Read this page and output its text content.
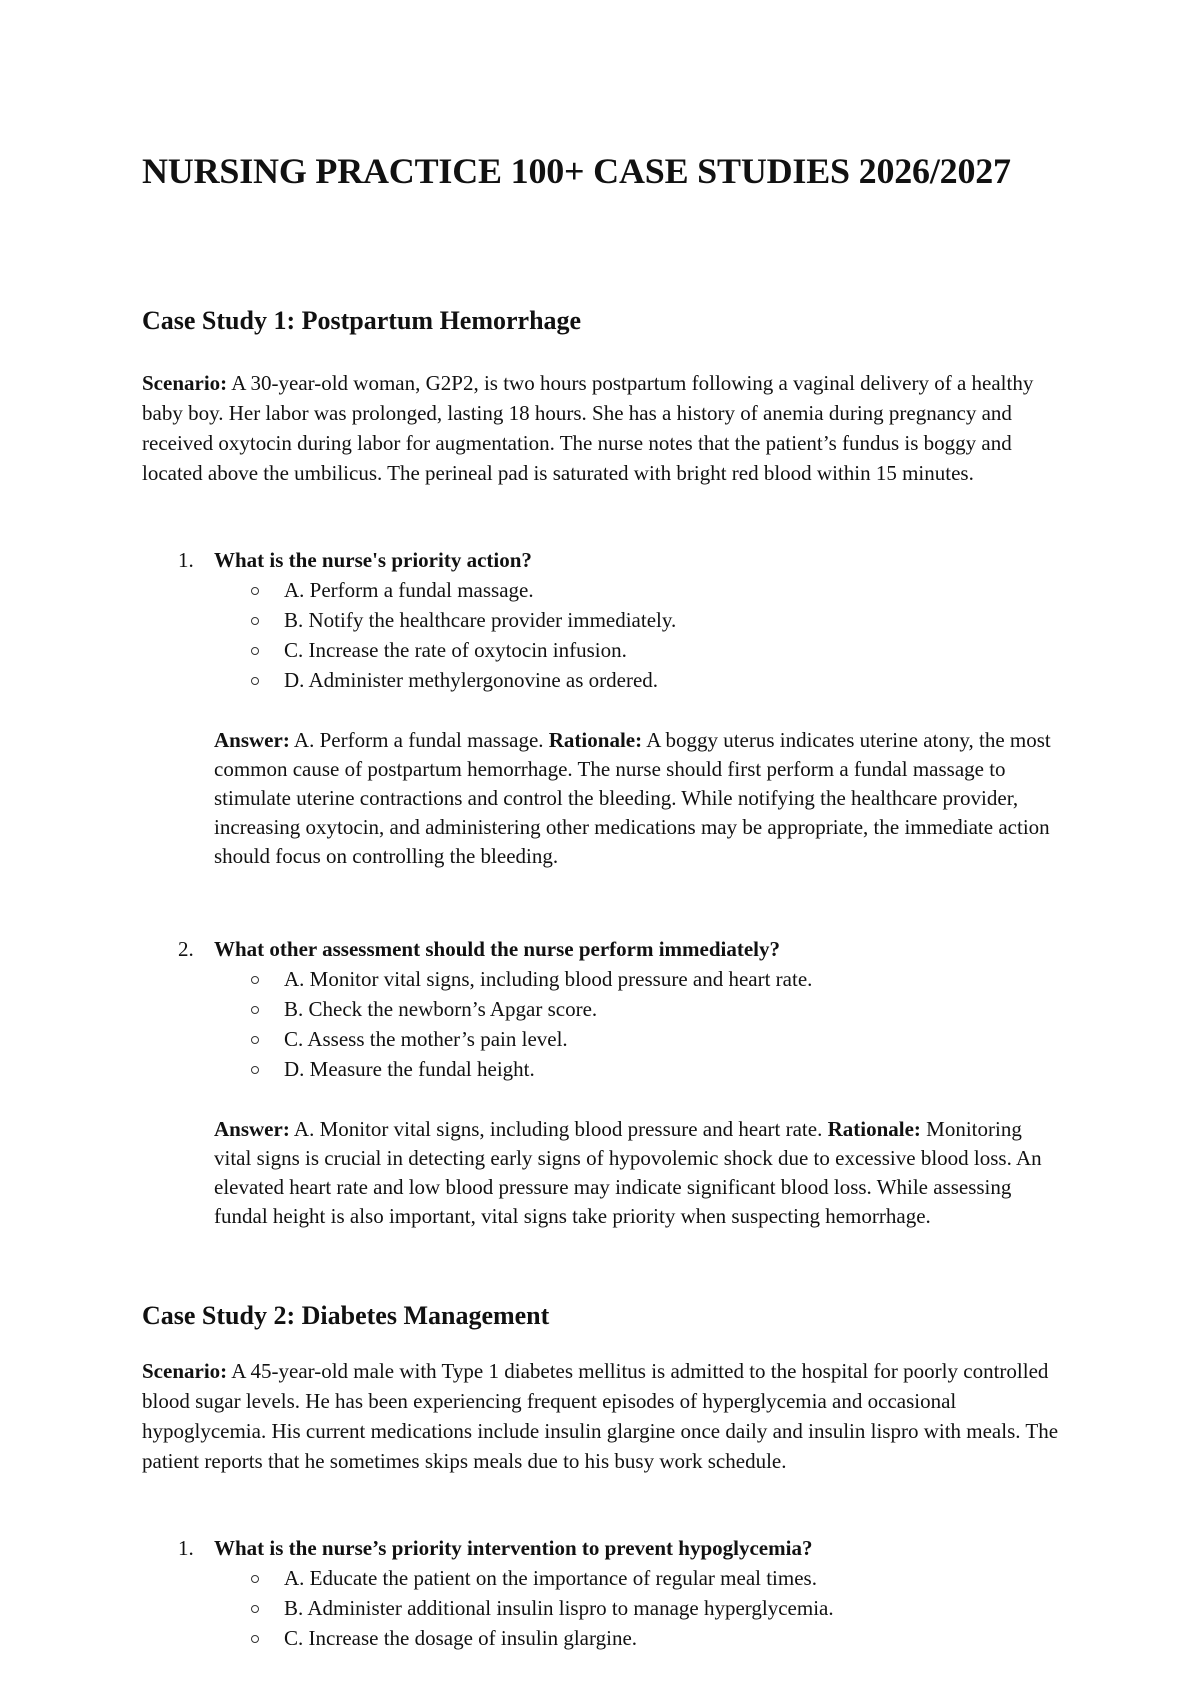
NURSING PRACTICE 100+ CASE STUDIES 2026/2027
Case Study 1: Postpartum Hemorrhage

Scenario: A 30-year-old woman, G2P2, is two hours postpartum following a vaginal delivery of a healthy baby boy. Her labor was prolonged, lasting 18 hours. She has a history of anemia during pregnancy and received oxytocin during labor for augmentation. The nurse notes that the patient’s fundus is boggy and located above the umbilicus. The perineal pad is saturated with bright red blood within 15 minutes.

1. What is the nurse's priority action?
A. Perform a fundal massage.
B. Notify the healthcare provider immediately.
C. Increase the rate of oxytocin infusion.
D. Administer methylergonovine as ordered.

Answer: A. Perform a fundal massage. Rationale: A boggy uterus indicates uterine atony, the most common cause of postpartum hemorrhage. The nurse should first perform a fundal massage to stimulate uterine contractions and control the bleeding. While notifying the healthcare provider, increasing oxytocin, and administering other medications may be appropriate, the immediate action should focus on controlling the bleeding.

2. What other assessment should the nurse perform immediately?
A. Monitor vital signs, including blood pressure and heart rate.
B. Check the newborn’s Apgar score.
C. Assess the mother’s pain level.
D. Measure the fundal height.

Answer: A. Monitor vital signs, including blood pressure and heart rate. Rationale: Monitoring vital signs is crucial in detecting early signs of hypovolemic shock due to excessive blood loss. An elevated heart rate and low blood pressure may indicate significant blood loss. While assessing fundal height is also important, vital signs take priority when suspecting hemorrhage.

Case Study 2: Diabetes Management

Scenario: A 45-year-old male with Type 1 diabetes mellitus is admitted to the hospital for poorly controlled blood sugar levels. He has been experiencing frequent episodes of hyperglycemia and occasional hypoglycemia. His current medications include insulin glargine once daily and insulin lispro with meals. The patient reports that he sometimes skips meals due to his busy work schedule.

1. What is the nurse’s priority intervention to prevent hypoglycemia?
A. Educate the patient on the importance of regular meal times.
B. Administer additional insulin lispro to manage hyperglycemia.
C. Increase the dosage of insulin glargine.
